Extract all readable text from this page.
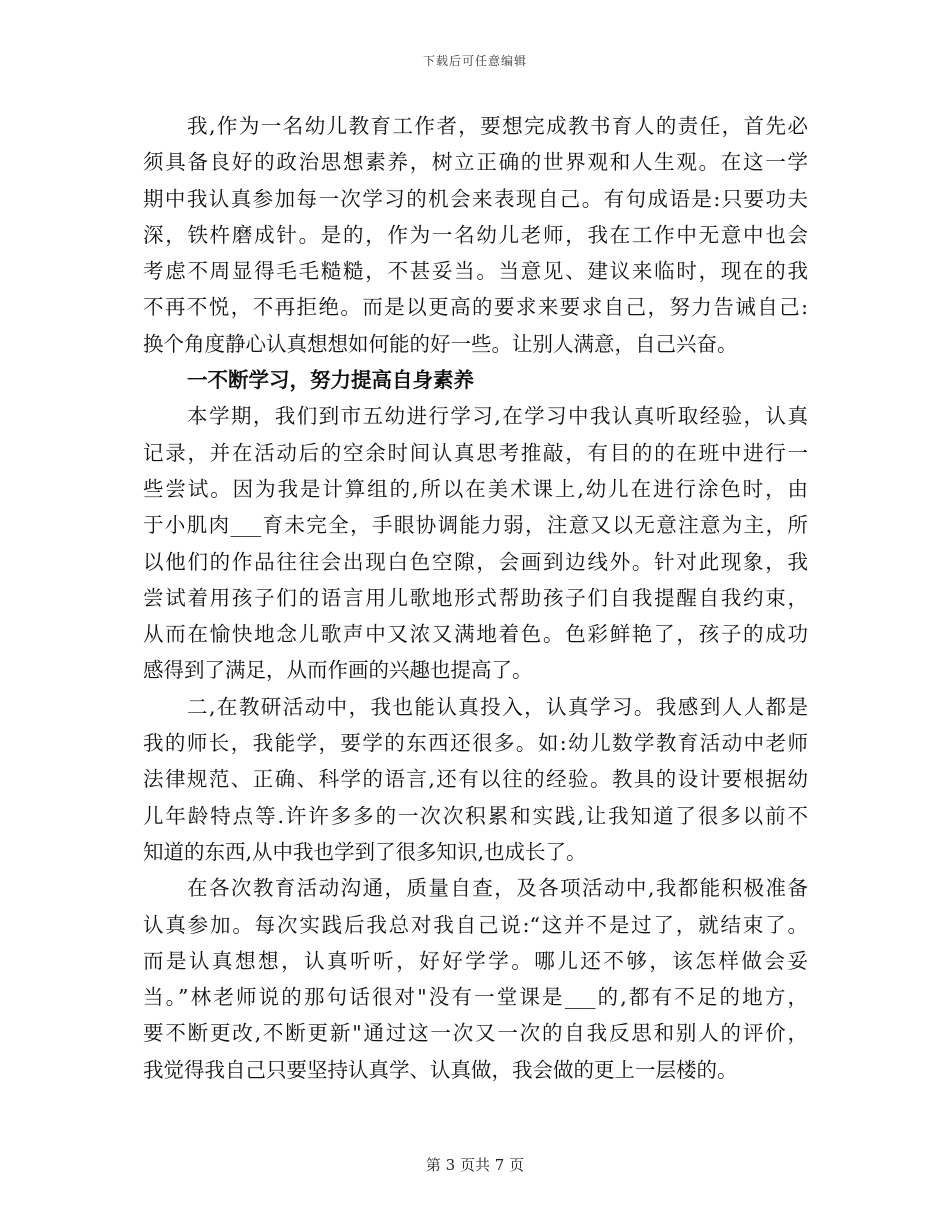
下载后可任意编辑
我,作为一名幼儿教育工作者，要想完成教书育人的责任，首先必
须具备良好的政治思想素养，树立正确的世界观和人生观。在这一学
期中我认真参加每一次学习的机会来表现自己。有句成语是:只要功夫
深，铁杵磨成针。是的，作为一名幼儿老师，我在工作中无意中也会
考虑不周显得毛毛糙糙，不甚妥当。当意见、建议来临时，现在的我
不再不悦，不再拒绝。而是以更高的要求来要求自己，努力告诫自己:
换个角度静心认真想想如何能的好一些。让别人满意，自己兴奋。
一不断学习，努力提高自身素养
本学期，我们到市五幼进行学习,在学习中我认真听取经验，认真
记录，并在活动后的空余时间认真思考推敲，有目的的在班中进行一
些尝试。因为我是计算组的,所以在美术课上,幼儿在进行涂色时，由
于小肌肉___育未完全，手眼协调能力弱，注意又以无意注意为主，所
以他们的作品往往会出现白色空隙，会画到边线外。针对此现象，我
尝试着用孩子们的语言用儿歌地形式帮助孩子们自我提醒自我约束，
从而在愉快地念儿歌声中又浓又满地着色。色彩鲜艳了，孩子的成功
感得到了满足，从而作画的兴趣也提高了。
二,在教研活动中，我也能认真投入，认真学习。我感到人人都是
我的师长，我能学，要学的东西还很多。如:幼儿数学教育活动中老师
法律规范、正确、科学的语言,还有以往的经验。教具的设计要根据幼
儿年龄特点等.许许多多的一次次积累和实践,让我知道了很多以前不
知道的东西,从中我也学到了很多知识,也成长了。
在各次教育活动沟通，质量自查，及各项活动中,我都能积极准备
认真参加。每次实践后我总对我自己说:“这并不是过了，就结束了。
而是认真想想，认真听听，好好学学。哪儿还不够，该怎样做会妥
当。”林老师说的那句话很对"没有一堂课是___的,都有不足的地方，
要不断更改,不断更新"通过这一次又一次的自我反思和别人的评价，
我觉得我自己只要坚持认真学、认真做，我会做的更上一层楼的。
第 3 页共 7 页
